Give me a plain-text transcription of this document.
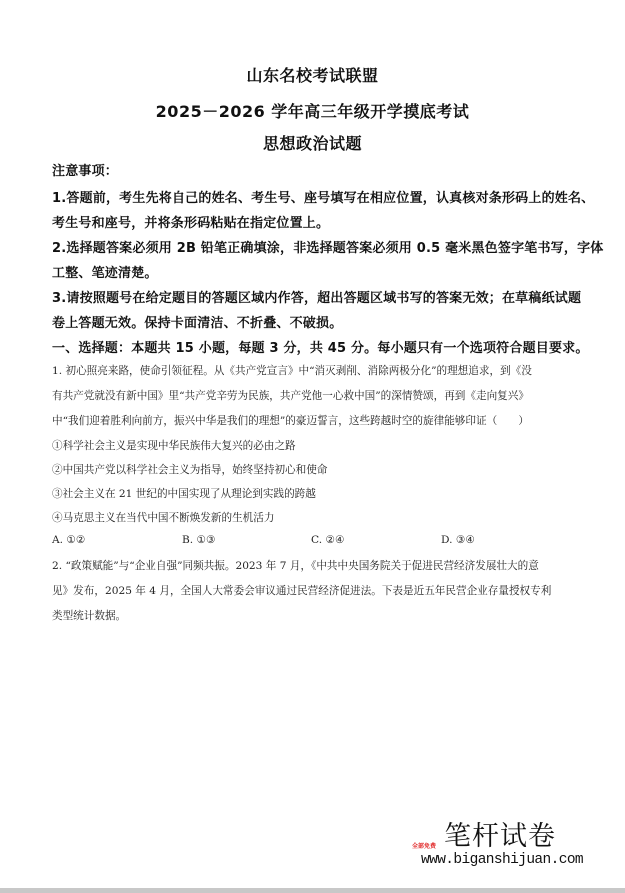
山东名校考试联盟
2025－2026 学年高三年级开学摸底考试
思想政治试题
注意事项：
1.答题前，考生先将自己的姓名、考生号、座号填写在相应位置，认真核对条形码上的姓名、
考生号和座号，并将条形码粘贴在指定位置上。
2.选择题答案必须用 2B 铅笔正确填涂，非选择题答案必须用 0.5 毫米黑色签字笔书写，字体
工整、笔迹清楚。
3.请按照题号在给定题目的答题区域内作答，超出答题区域书写的答案无效；在草稿纸试题
卷上答题无效。保持卡面清洁、不折叠、不破损。
一、选择题：本题共 15 小题，每题 3 分，共 45 分。每小题只有一个选项符合题目要求。
1. 初心照亮来路，使命引领征程。从《共产党宣言》中“消灭剥削、消除两极分化”的理想追求，到《没
有共产党就没有新中国》里“共产党辛劳为民族，共产党他一心救中国”的深情赞颂，再到《走向复兴》
中“我们迎着胜利向前方，振兴中华是我们的理想”的豪迈誓言，这些跨越时空的旋律能够印证（　　）
①科学社会主义是实现中华民族伟大复兴的必由之路
②中国共产党以科学社会主义为指导，始终坚持初心和使命
③社会主义在 21 世纪的中国实现了从理论到实践的跨越
④马克思主义在当代中国不断焕发新的生机活力
A. ①②	B. ①③	C. ②④	D. ③④
2. “政策赋能”与“企业自强”同频共振。2023 年 7 月，《中共中央国务院关于促进民营经济发展壮大的意
见》发布，2025 年 4 月，全国人大常委会审议通过民营经济促进法。下表是近五年民营企业存量授权专利
类型统计数据。
笔杆试卷
全部免费
www.biganshijuan.com
